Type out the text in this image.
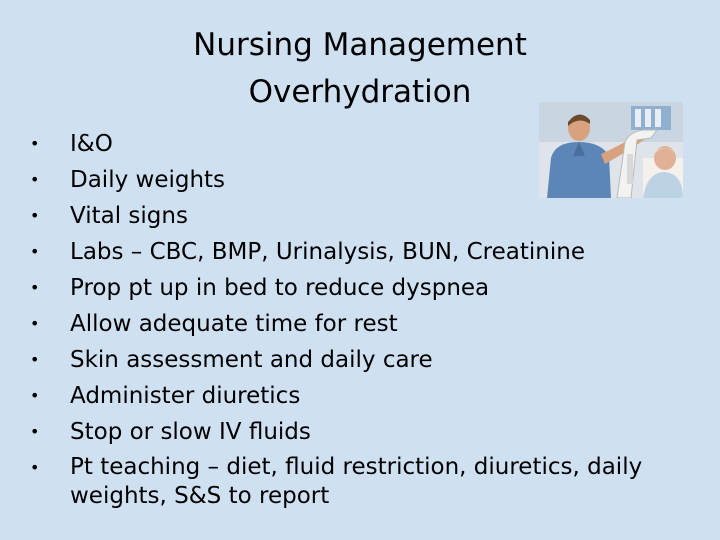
Nursing Management
Overhydration
• I&O
• Daily weights
• Vital signs
• Labs – CBC, BMP, Urinalysis, BUN, Creatinine
• Prop pt up in bed to reduce dyspnea
• Allow adequate time for rest
• Skin assessment and daily care
• Administer diuretics
• Stop or slow IV fluids
• Pt teaching – diet, fluid restriction, diuretics, daily weights, S&S to report
